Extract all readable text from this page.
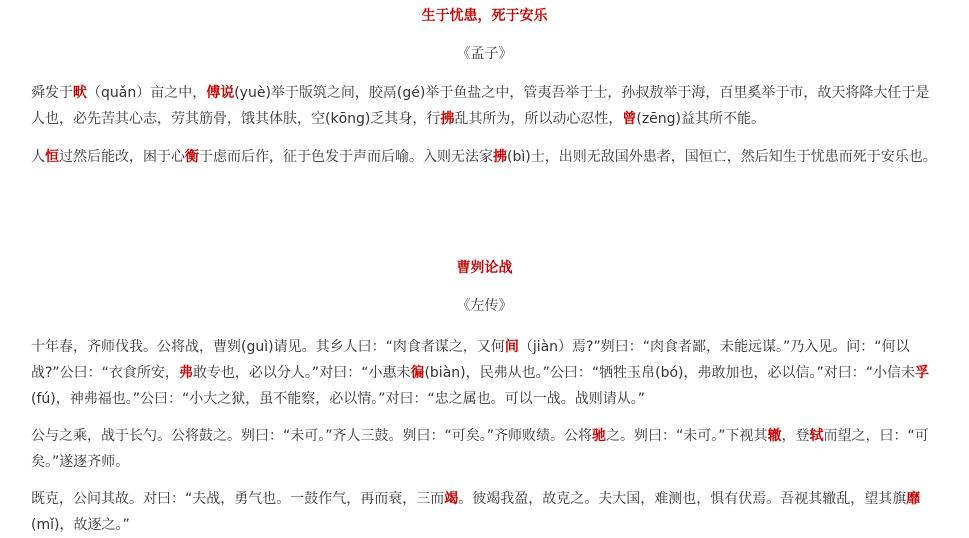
生于忧患，死于安乐
《孟子》

舜发于畎（quǎn）亩之中，傅说(yuè)举于版筑之间，胶鬲(gé)举于鱼盐之中，管夷吾举于士，孙叔敖举于海，百里奚举于市，故天将降大任于是人也，必先苦其心志，劳其筋骨，饿其体肤，空(kōng)乏其身，行拂乱其所为，所以动心忍性，曾(zēng)益其所不能。

人恒过然后能改，困于心衡于虑而后作，征于色发于声而后喻。入则无法家拂(bì)士，出则无敌国外患者，国恒亡，然后知生于忧患而死于安乐也。

曹刿论战
《左传》

十年春，齐师伐我。公将战，曹刿(guì)请见。其乡人曰：“肉食者谋之，又何间（jiàn）焉?”刿曰：“肉食者鄙，未能远谋。”乃入见。问：“何以战?”公曰：“衣食所安，弗敢专也，必以分人。”对曰：“小惠未徧(biàn)，民弗从也。”公曰：“牺牲玉帛(bó)，弗敢加也，必以信。”对曰：“小信未孚(fú)，神弗福也。”公曰：“小大之狱，虽不能察，必以情。”对曰：“忠之属也。可以一战。战则请从。”

公与之乘，战于长勺。公将鼓之。刿曰：“未可。”齐人三鼓。刿曰：“可矣。”齐师败绩。公将驰之。刿曰：“未可。”下视其辙，登轼而望之，曰：“可矣。”遂逐齐师。

既克，公问其故。对曰：“夫战，勇气也。一鼓作气，再而衰，三而竭。彼竭我盈，故克之。夫大国，难测也，惧有伏焉。吾视其辙乱，望其旗靡(mǐ)，故逐之。”
